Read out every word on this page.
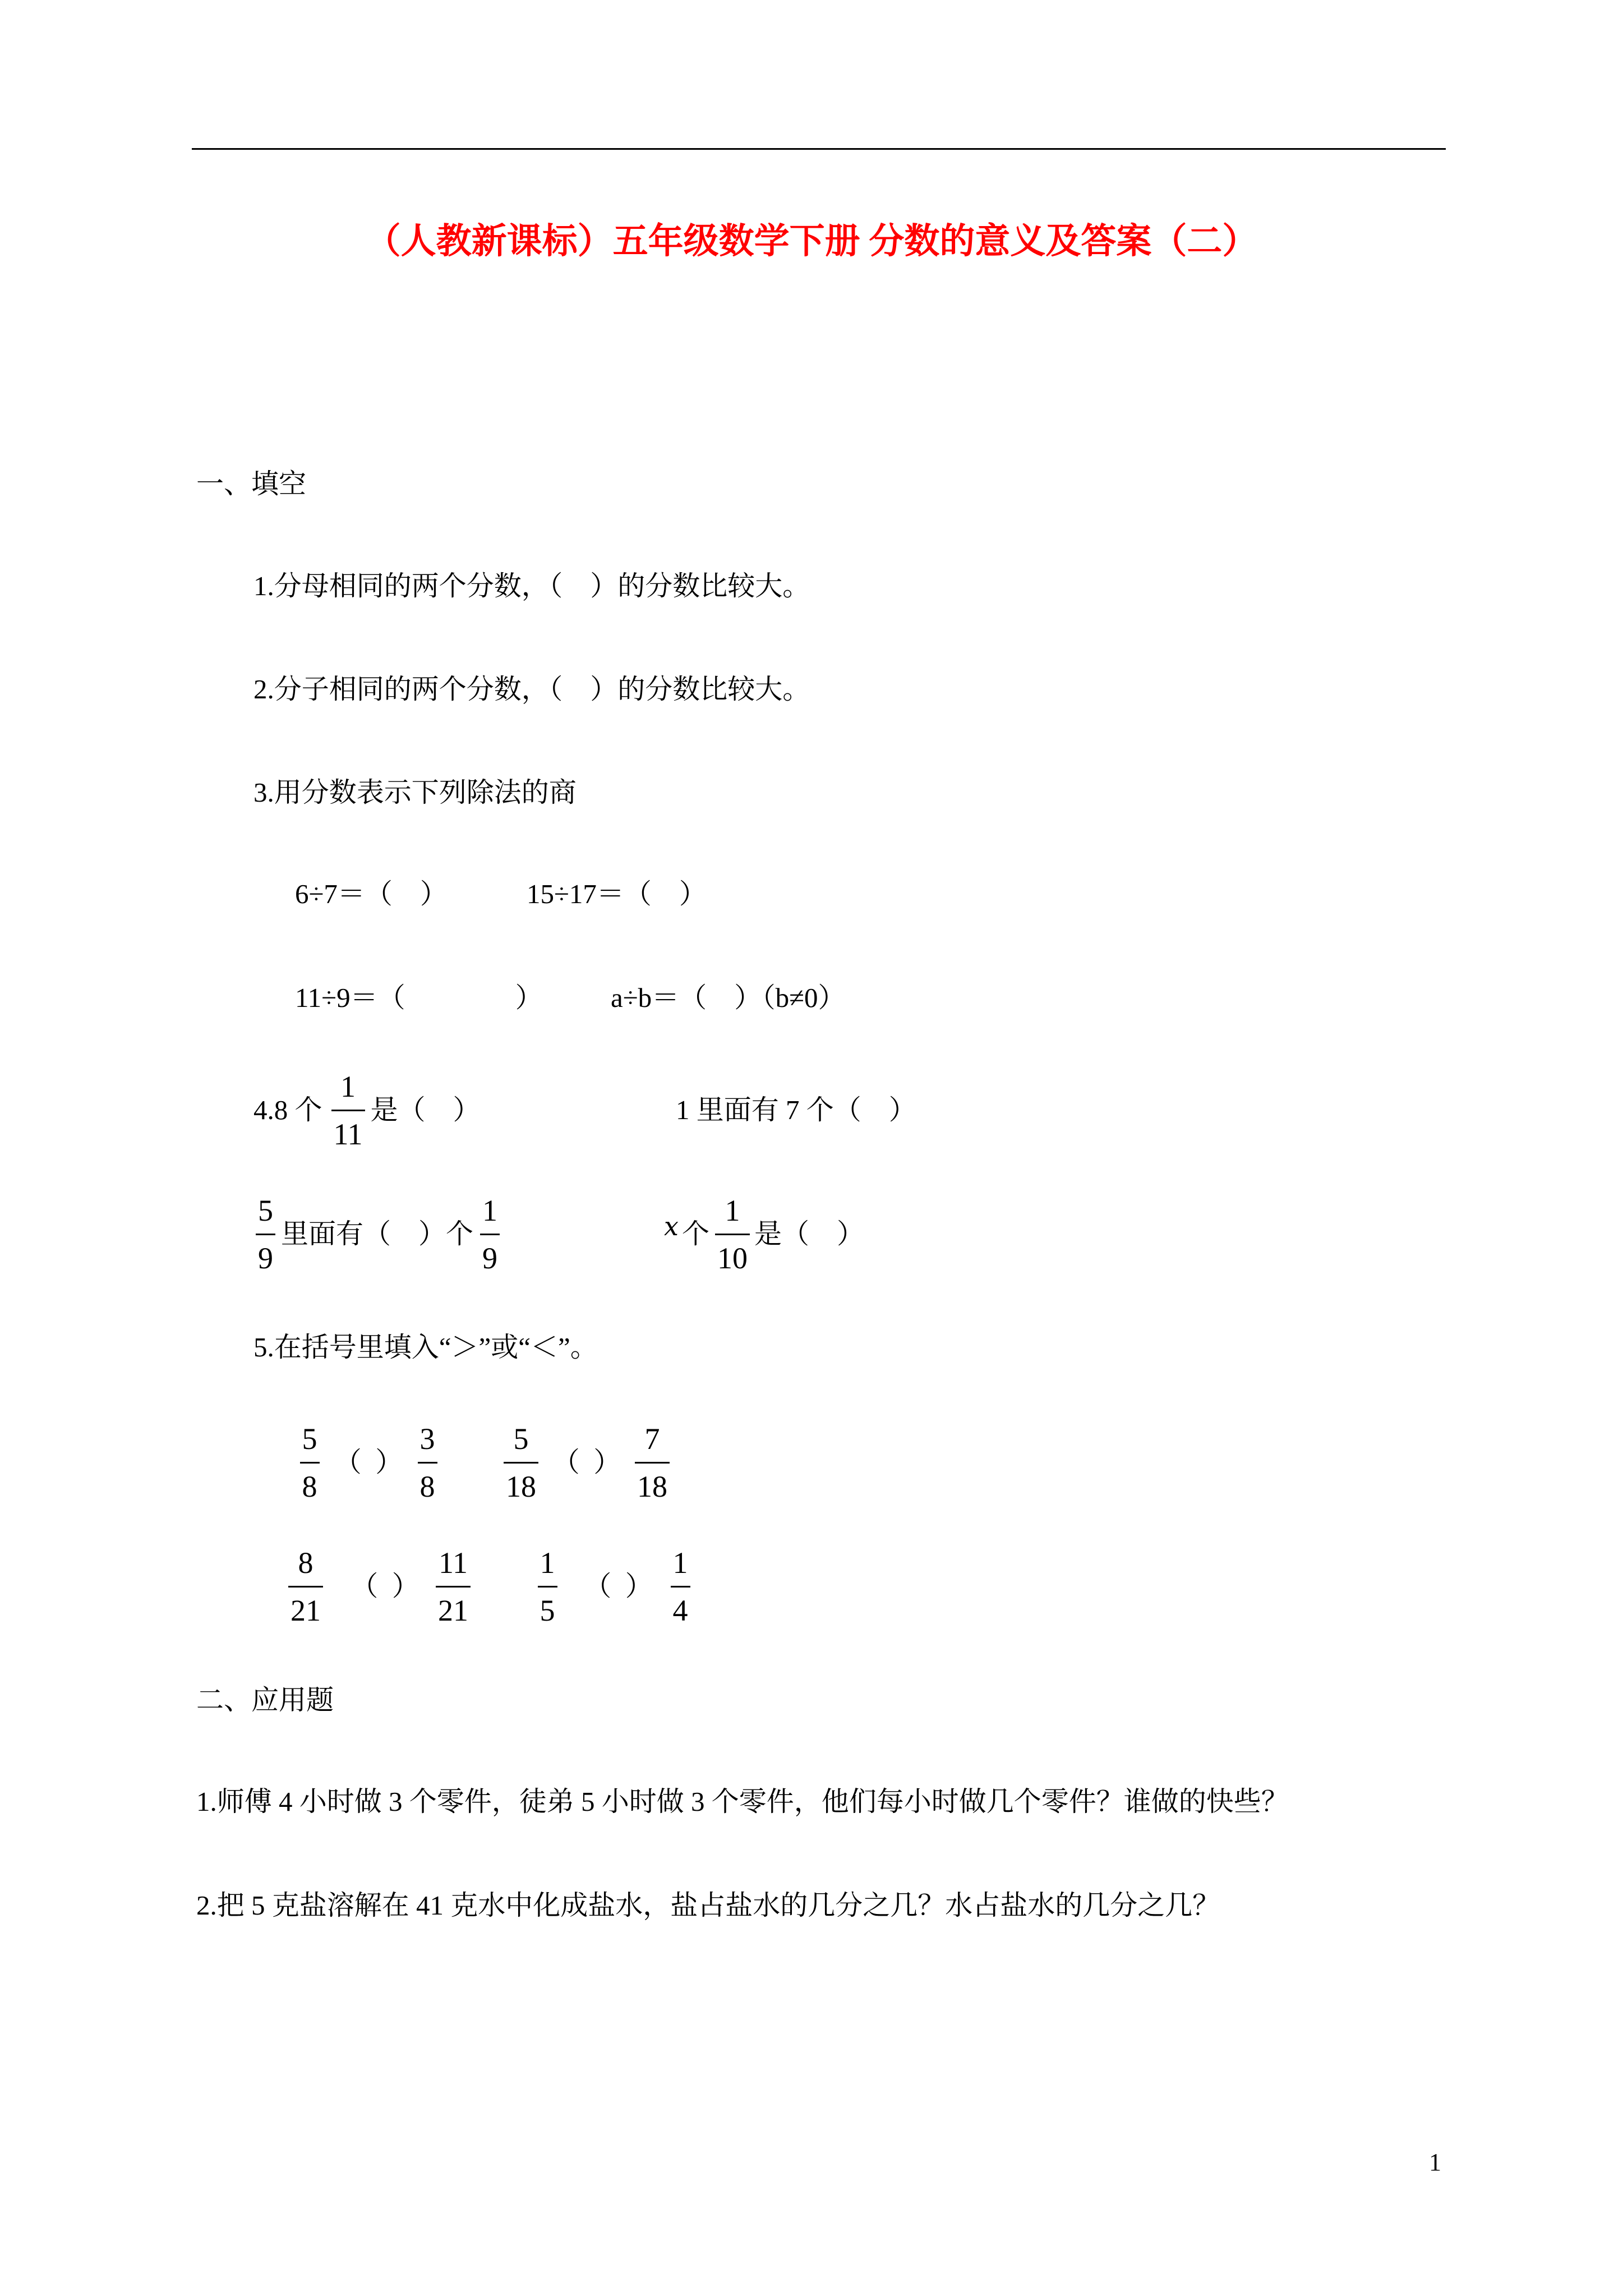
（人教新课标）五年级数学下册 分数的意义及答案（二）
一、填空
1.分母相同的两个分数，（    ）的分数比较大。
2.分子相同的两个分数，（    ）的分数比较大。
3.用分数表示下列除法的商
6÷7＝（    ）	15÷17＝（    ）
11÷9＝（                ） a÷b＝（    ）（b≠0）
4.8 个 $\frac{1}{11}$ 是（    ）	1 里面有 7 个（    ）
$\frac{5}{9}$ 里面有（    ）个 $\frac{1}{9}$	x 个 $\frac{1}{10}$ 是（    ）
5.在括号里填入“＞”或“＜”。
$\frac{5}{8}$ （  ） $\frac{3}{8} \frac{5}{18}$ （  ） $\frac{7}{18}$
$\frac{8}{21}$	（  ） $\frac{11}{21} \frac{1}{5}$ （  ） $\frac{1}{4}$
二、应用题
1.师傅 4 小时做 3 个零件，徒弟 5 小时做 3 个零件，他们每小时做几个零件？谁做的快些？
2.把 5 克盐溶解在 41 克水中化成盐水，盐占盐水的几分之几？水占盐水的几分之几？
1
